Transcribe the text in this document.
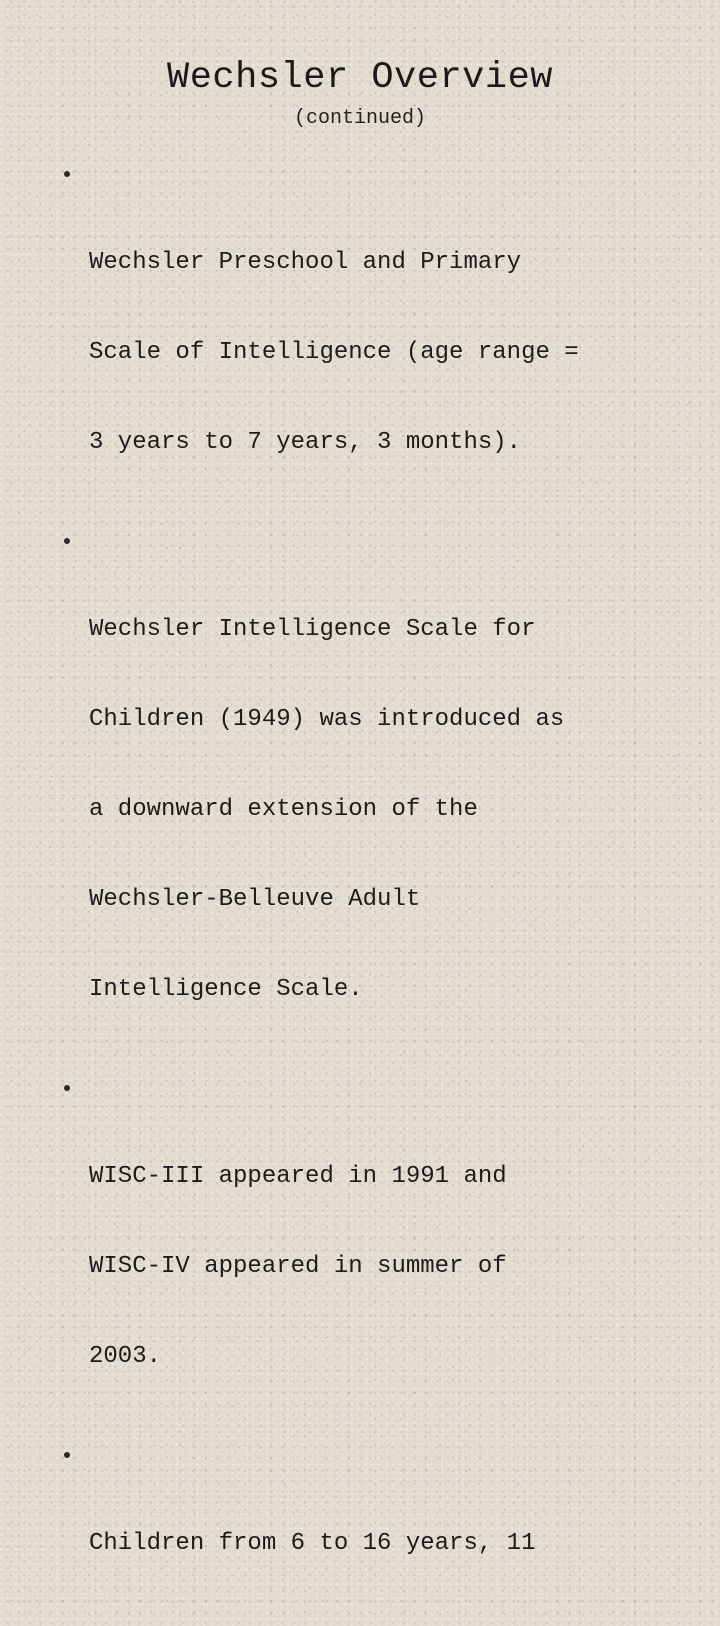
Wechsler Overview
(continued)

Wechsler Preschool and Primary

Scale of Intelligence (age range =

3 years to 7 years, 3 months).

Wechsler Intelligence Scale for

Children (1949) was introduced as

a downward extension of the

Wechsler-Belleuve Adult

Intelligence Scale.

WISC-III appeared in 1991 and

WISC-IV appeared in summer of

2003.

Children from 6 to 16 years, 11
